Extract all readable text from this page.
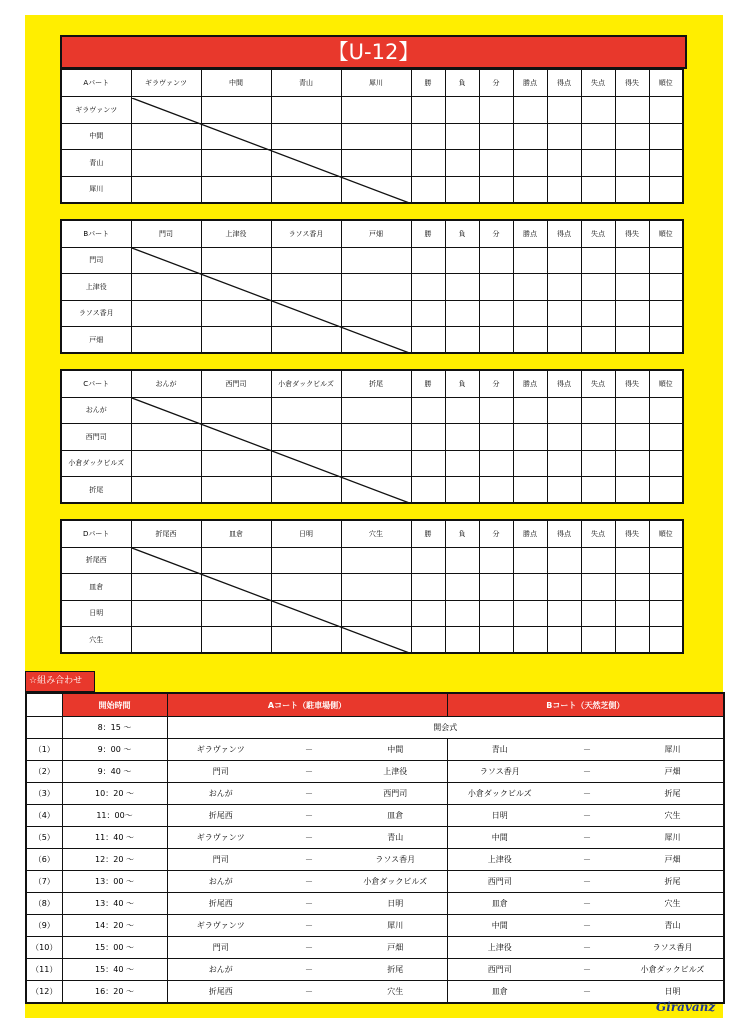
【U-12】
Aパート	ギラヴァンツ	中間	青山	犀川	勝	負	分	勝点	得点	失点	得失	順位
ギラヴァンツ												
中間												
青山												
犀川												
Bパート	門司	上津役	ラソス香月	戸畑	勝	負	分	勝点	得点	失点	得失	順位
門司												
上津役												
ラソス香月												
戸畑												
Cパート	おんが	西門司	小倉ダックビルズ	折尾	勝	負	分	勝点	得点	失点	得失	順位
おんが												
西門司												
小倉ダックビルズ												
折尾												
Dパート	折尾西	皿倉	日明	穴生	勝	負	分	勝点	得点	失点	得失	順位
折尾西												
皿倉												
日明												
穴生												
☆組み合わせ
	開始時間	Aコート（駐車場側）			Bコート（天然芝側）		
	8：15 ～	開会式					
（1）	9：00 ～	ギラヴァンツ	－	中間	青山	－	犀川
（2）	9：40 ～	門司	－	上津役	ラソス香月	－	戸畑
（3）	10：20 ～	おんが	－	西門司	小倉ダックビルズ	－	折尾
（4）	11：00～	折尾西	－	皿倉	日明	－	穴生
（5）	11：40 ～	ギラヴァンツ	－	青山	中間	－	犀川
（6）	12：20 ～	門司	－	ラソス香月	上津役	－	戸畑
（7）	13：00 ～	おんが	－	小倉ダックビルズ	西門司	－	折尾
（8）	13：40 ～	折尾西	－	日明	皿倉	－	穴生
（9）	14：20 ～	ギラヴァンツ	－	犀川	中間	－	青山
（10）	15：00 ～	門司	－	戸畑	上津役	－	ラソス香月
（11）	15：40 ～	おんが	－	折尾	西門司	－	小倉ダックビルズ
（12）	16：20 ～	折尾西	－	穴生	皿倉	－	日明
Giravanz
